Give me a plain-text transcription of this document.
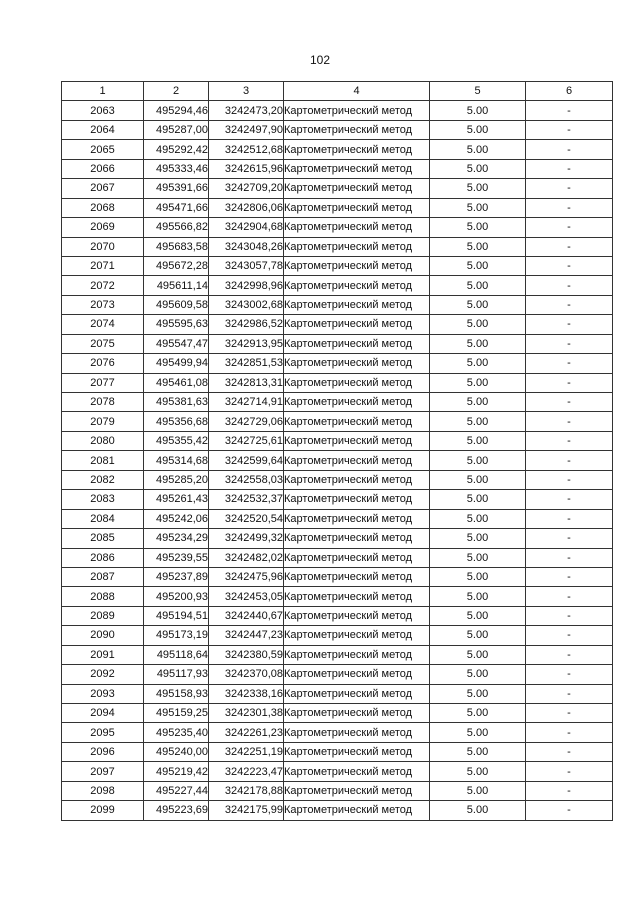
102
1	2	3	4	5	6
2063	495294,46	3242473,20	Картометрический метод	5.00	-
2064	495287,00	3242497,90	Картометрический метод	5.00	-
2065	495292,42	3242512,68	Картометрический метод	5.00	-
2066	495333,46	3242615,96	Картометрический метод	5.00	-
2067	495391,66	3242709,20	Картометрический метод	5.00	-
2068	495471,66	3242806,06	Картометрический метод	5.00	-
2069	495566,82	3242904,68	Картометрический метод	5.00	-
2070	495683,58	3243048,26	Картометрический метод	5.00	-
2071	495672,28	3243057,78	Картометрический метод	5.00	-
2072	495611,14	3242998,96	Картометрический метод	5.00	-
2073	495609,58	3243002,68	Картометрический метод	5.00	-
2074	495595,63	3242986,52	Картометрический метод	5.00	-
2075	495547,47	3242913,95	Картометрический метод	5.00	-
2076	495499,94	3242851,53	Картометрический метод	5.00	-
2077	495461,08	3242813,31	Картометрический метод	5.00	-
2078	495381,63	3242714,91	Картометрический метод	5.00	-
2079	495356,68	3242729,06	Картометрический метод	5.00	-
2080	495355,42	3242725,61	Картометрический метод	5.00	-
2081	495314,68	3242599,64	Картометрический метод	5.00	-
2082	495285,20	3242558,03	Картометрический метод	5.00	-
2083	495261,43	3242532,37	Картометрический метод	5.00	-
2084	495242,06	3242520,54	Картометрический метод	5.00	-
2085	495234,29	3242499,32	Картометрический метод	5.00	-
2086	495239,55	3242482,02	Картометрический метод	5.00	-
2087	495237,89	3242475,96	Картометрический метод	5.00	-
2088	495200,93	3242453,05	Картометрический метод	5.00	-
2089	495194,51	3242440,67	Картометрический метод	5.00	-
2090	495173,19	3242447,23	Картометрический метод	5.00	-
2091	495118,64	3242380,59	Картометрический метод	5.00	-
2092	495117,93	3242370,08	Картометрический метод	5.00	-
2093	495158,93	3242338,16	Картометрический метод	5.00	-
2094	495159,25	3242301,38	Картометрический метод	5.00	-
2095	495235,40	3242261,23	Картометрический метод	5.00	-
2096	495240,00	3242251,19	Картометрический метод	5.00	-
2097	495219,42	3242223,47	Картометрический метод	5.00	-
2098	495227,44	3242178,88	Картометрический метод	5.00	-
2099	495223,69	3242175,99	Картометрический метод	5.00	-
